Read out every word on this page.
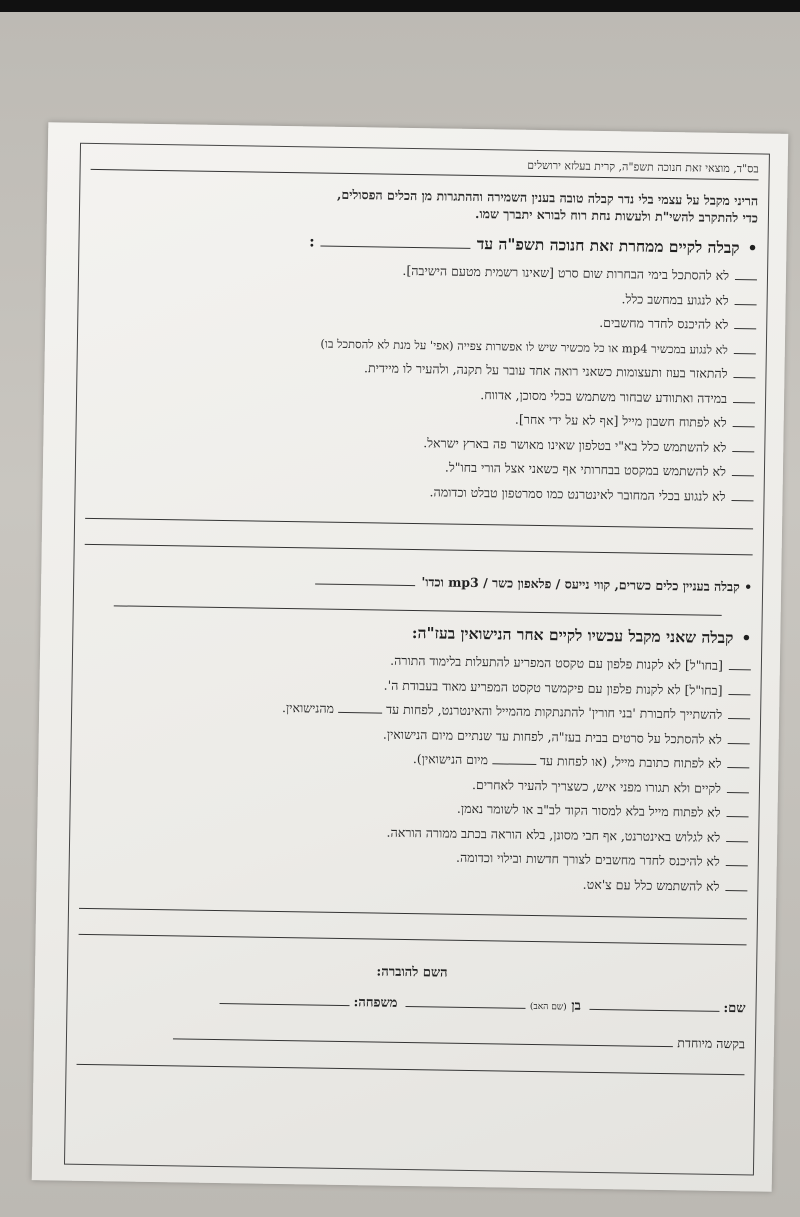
בס"ד, מוצאי זאת חנוכה תשפ"ה, קרית בעלזא ירושלים
הריני מקבל על עצמי בלי נדר קבלה טובה בענין השמירה וההתגרות מן הכלים הפסולים,
כדי להתקרב להשי"ת ולעשות נחת רוח לבורא יתברך שמו.
•קבלה לקיים ממחרת זאת חנוכה תשפ"ה עד:
לא להסתכל בימי הבחרות שום סרט [שאינו רשמית מטעם הישיבה].
לא לנגוע במחשב כלל.
לא להיכנס לחדר מחשבים.
לא לנגוע במכשיר mp4 או כל מכשיר שיש לו אפשרות צפייה (אפי' על מנת לא להסתכל בו)
להתאזר בעוז ותעצומות כשאני רואה אחד עובר על תקנה, ולהעיר לו מיידית.
במידה ואתוודע שבחור משתמש בכלי מסוכן, אדווח.
לא לפתוח חשבון מייל [אף לא על ידי אחר].
לא להשתמש כלל בא"י בטלפון שאינו מאושר פה בארץ ישראל.
לא להשתמש במקסט בבחרותי אף כשאני אצל הורי בחו"ל.
לא לנגוע בכלי המחובר לאינטרנט כמו סמרטפון טבלט וכדומה.
• קבלה בעניין כלים כשרים, קווי נייעס / פלאפון כשר / mp3 וכדו'
•קבלה שאני מקבל עכשיו לקיים אחר הנישואין בעז"ה:
[בחו"ל] לא לקנות פלפון עם טקסט המפריע להתעלות בלימוד התורה.
[בחו"ל] לא לקנות פלפון עם פיקמשר טקסט המפריע מאוד בעבודת ה'.
להשתייך לחבורת 'בני חורין' להתנתקות מהמייל והאינטרנט, לפחות עדמהנישואין.
לא להסתכל על סרטים בבית בעז"ה, לפחות עד שנתיים מיום הנישואין.
לא לפתוח כתובת מייל, (או לפחות עדמיום הנישואין).
לקיים ולא תגורו מפני איש, כשצריך להעיר לאחרים.
לא לפתוח מייל בלא למסור הקוד לב"ב או לשומר נאמן.
לא לגלוש באינטרנט, אף חבי מסונן, בלא הוראה בכתב ממורה הוראה.
לא להיכנס לחדר מחשבים לצורך חדשות ובילוי וכדומה.
לא להשתמש כלל עם צ'אט.
השם להוברה:
שם: בן (שם האב) משפחה:
בקשה מיוחדת
